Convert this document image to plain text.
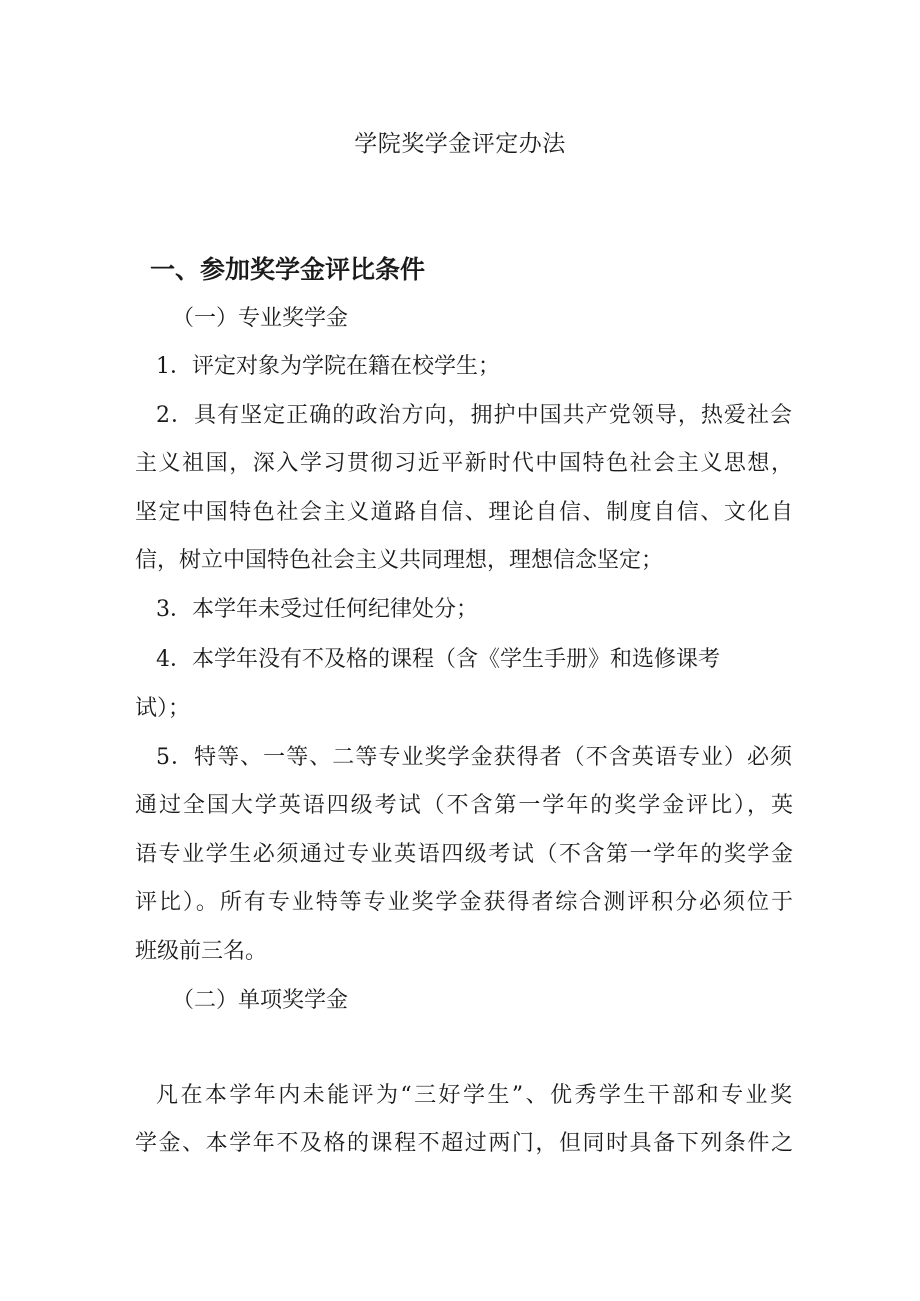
学院奖学金评定办法
一、参加奖学金评比条件
（一）专业奖学金
1．评定对象为学院在籍在校学生；
2．具有坚定正确的政治方向，拥护中国共产党领导，热爱社会
主义祖国，深入学习贯彻习近平新时代中国特色社会主义思想，
坚定中国特色社会主义道路自信、理论自信、制度自信、文化自
信，树立中国特色社会主义共同理想，理想信念坚定；
3．本学年未受过任何纪律处分；
4．本学年没有不及格的课程（含《学生手册》和选修课考
试）；
5．特等、一等、二等专业奖学金获得者（不含英语专业）必须
通过全国大学英语四级考试（不含第一学年的奖学金评比），英
语专业学生必须通过专业英语四级考试（不含第一学年的奖学金
评比）。所有专业特等专业奖学金获得者综合测评积分必须位于
班级前三名。
（二）单项奖学金
凡在本学年内未能评为“三好学生”、优秀学生干部和专业奖
学金、本学年不及格的课程不超过两门，但同时具备下列条件之
